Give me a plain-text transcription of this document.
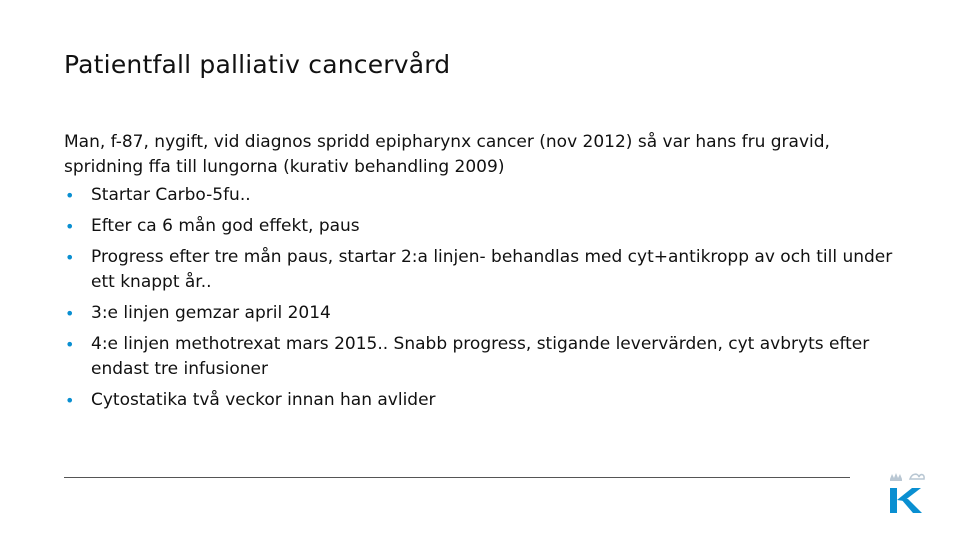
Patientfall palliativ cancervård

Man, f-87, nygift, vid diagnos spridd epipharynx cancer (nov 2012) så var hans fru gravid, spridning ffa till lungorna (kurativ behandling 2009)

• Startar Carbo-5fu..
• Efter ca 6 mån god effekt, paus
• Progress efter tre mån paus, startar 2:a linjen- behandlas med cyt+antikropp av och till under ett knappt år..
• 3:e linjen gemzar april 2014
• 4:e linjen methotrexat mars 2015.. Snabb progress, stigande levervärden, cyt avbryts efter endast tre infusioner
• Cytostatika två veckor innan han avlider
